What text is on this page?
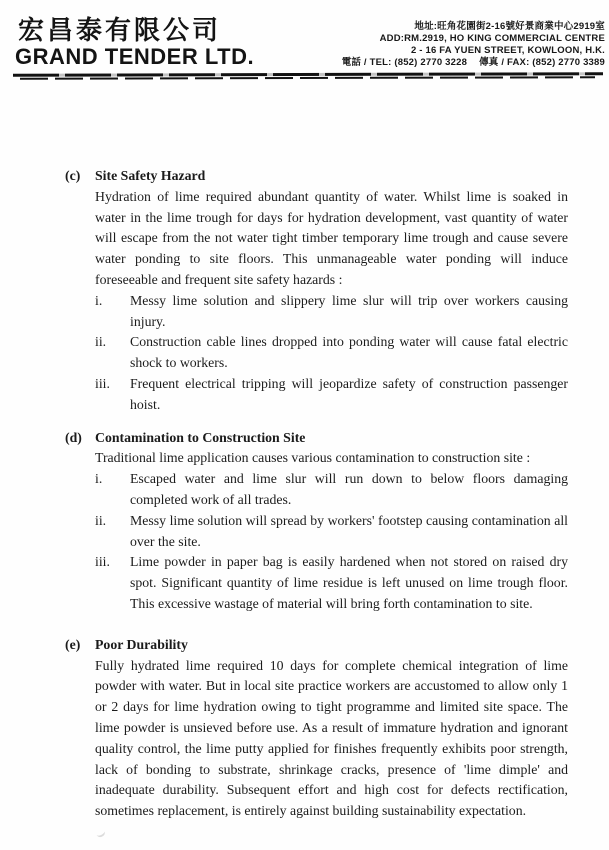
宏昌泰有限公司
GRAND TENDER LTD.
地址:旺角花園街2-16號好景商業中心2919室
ADD:RM.2919, HO KING COMMERCIAL CENTRE
2 - 16 FA YUEN STREET, KOWLOON, H.K.
電話 / TEL: (852) 2770 3228 傳真 / FAX: (852) 2770 3389
(c)	Site Safety Hazard

Hydration of lime required abundant quantity of water. Whilst lime is soaked in water in the lime trough for days for hydration development, vast quantity of water will escape from the not water tight timber temporary lime trough and cause severe water ponding to site floors. This unmanageable water ponding will induce foreseeable and frequent site safety hazards :

i.	Messy lime solution and slippery lime slur will trip over workers causing injury.
ii.	Construction cable lines dropped into ponding water will cause fatal electric shock to workers.
iii.	Frequent electrical tripping will jeopardize safety of construction passenger hoist.
(d) Contamination to Construction Site

Traditional lime application causes various contamination to construction site :

i.	Escaped water and lime slur will run down to below floors damaging completed work of all trades.
ii.	Messy lime solution will spread by workers' footstep causing contamination all over the site.
iii.	Lime powder in paper bag is easily hardened when not stored on raised dry spot. Significant quantity of lime residue is left unused on lime trough floor. This excessive wastage of material will bring forth contamination to site.
(e)	Poor Durability

Fully hydrated lime required 10 days for complete chemical integration of lime powder with water. But in local site practice workers are accustomed to allow only 1 or 2 days for lime hydration owing to tight programme and limited site space. The lime powder is unsieved before use. As a result of immature hydration and ignorant quality control, the lime putty applied for finishes frequently exhibits poor strength, lack of bonding to substrate, shrinkage cracks, presence of 'lime dimple' and inadequate durability. Subsequent effort and high cost for defects rectification, sometimes replacement, is entirely against building sustainability expectation.
